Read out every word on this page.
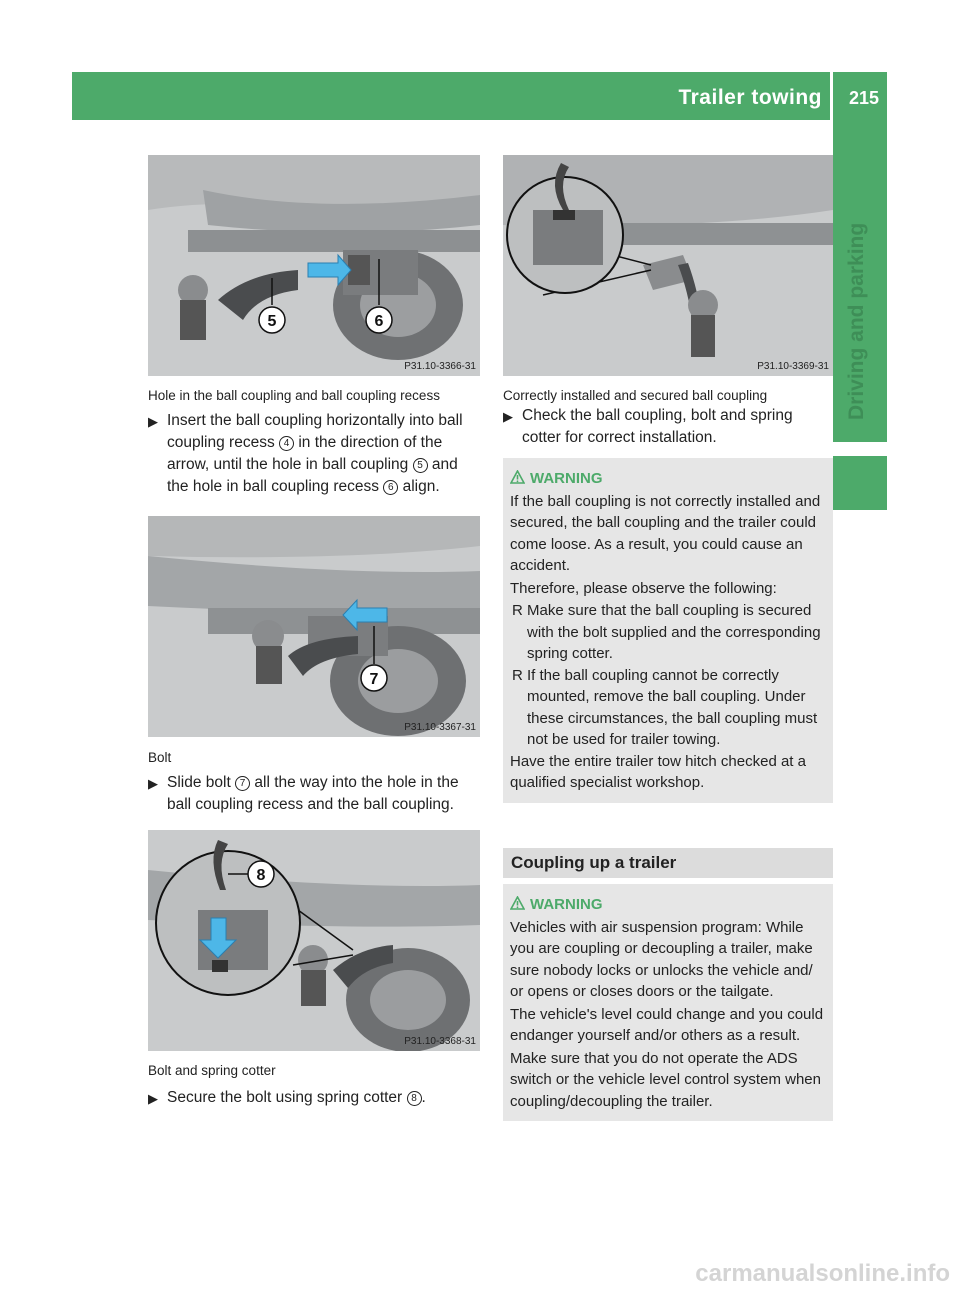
Trailer towing 215
Driving and parking
5	6
P31.10-3366-31
Hole in the ball coupling and ball coupling recess
▶ Insert the ball coupling horizontally into ball coupling recess 4 in the direction of the arrow, until the hole in ball coupling 5 and the hole in ball coupling recess 6 align.
7
P31.10-3367-31
Bolt
▶ Slide bolt 7 all the way into the hole in the ball coupling recess and the ball coupling.
8
P31.10-3368-31
Bolt and spring cotter
▶ Secure the bolt using spring cotter 8 .
P31.10-3369-31
Correctly installed and secured ball coupling
▶ Check the ball coupling, bolt and spring cotter for correct installation.
WARNING
If the ball coupling is not correctly installed and secured, the ball coupling and the trailer could come loose. As a result, you could cause an accident.
Therefore, please observe the following:
R Make sure that the ball coupling is secured with the bolt supplied and the corresponding spring cotter.
R If the ball coupling cannot be correctly mounted, remove the ball coupling. Under these circumstances, the ball coupling must not be used for trailer towing.
Have the entire trailer tow hitch checked at a qualified specialist workshop.
Coupling up a trailer
WARNING
Vehicles with air suspension program: While you are coupling or decoupling a trailer, make sure nobody locks or unlocks the vehicle and/ or opens or closes doors or the tailgate.
The vehicle's level could change and you could endanger yourself and/or others as a result.
Make sure that you do not operate the ADS switch or the vehicle level control system when coupling/decoupling the trailer.
carmanualsonline.info
